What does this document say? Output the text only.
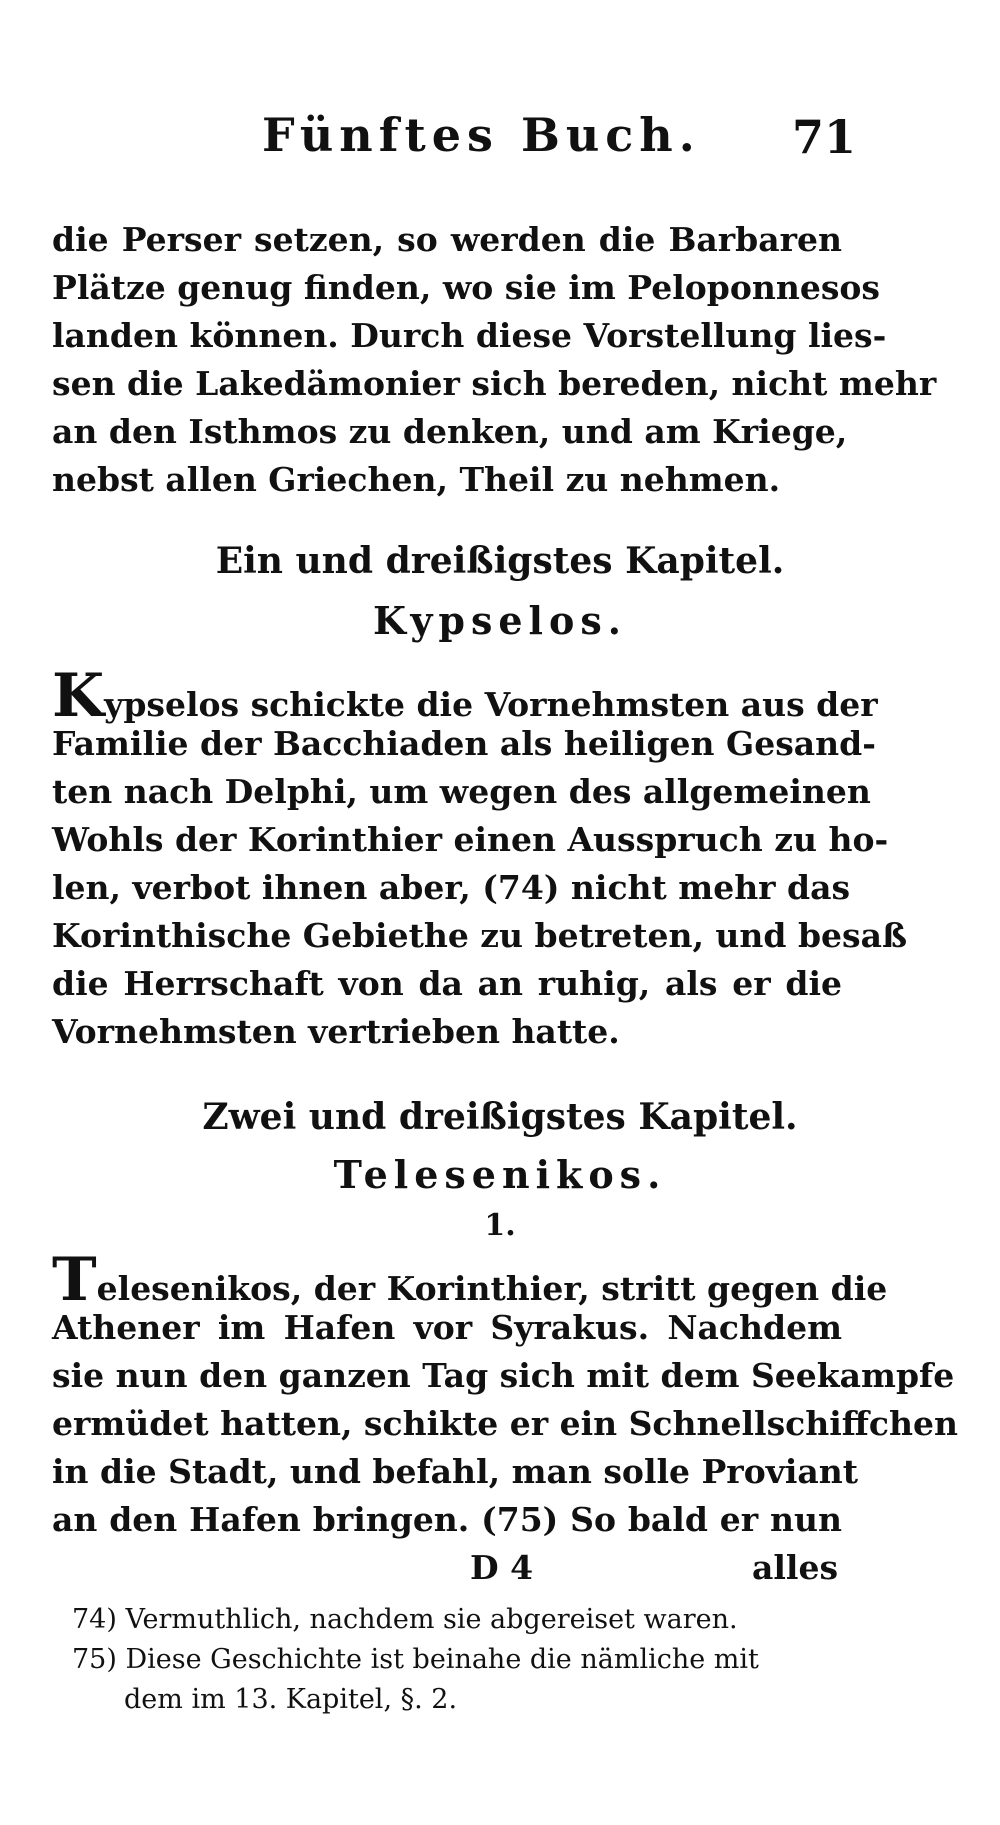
Fünftes Buch. 71
die Perser setzen, so werden die Barbaren
Plätze genug finden, wo sie im Peloponnesos
landen können. Durch diese Vorstellung lies-
sen die Lakedämonier sich bereden, nicht mehr
an den Isthmos zu denken, und am Kriege,
nebst allen Griechen, Theil zu nehmen.
Ein und dreißigstes Kapitel.
Kypselos.
Kypselos schickte die Vornehmsten aus der
Familie der Bacchiaden als heiligen Gesand-
ten nach Delphi, um wegen des allgemeinen
Wohls der Korinthier einen Ausspruch zu ho-
len, verbot ihnen aber, (74) nicht mehr das
Korinthische Gebiethe zu betreten, und besaß
die Herrschaft von da an ruhig, als er die
Vornehmsten vertrieben hatte.
Zwei und dreißigstes Kapitel.
Telesenikos.
1.
Telesenikos, der Korinthier, stritt gegen die
Athener im Hafen vor Syrakus. Nachdem
sie nun den ganzen Tag sich mit dem Seekampfe
ermüdet hatten, schikte er ein Schnellschiffchen
in die Stadt, und befahl, man solle Proviant
an den Hafen bringen. (75) So bald er nun
D 4	alles
74) Vermuthlich, nachdem sie abgereiset waren.
75) Diese Geschichte ist beinahe die nämliche mit
dem im 13. Kapitel, §. 2.
